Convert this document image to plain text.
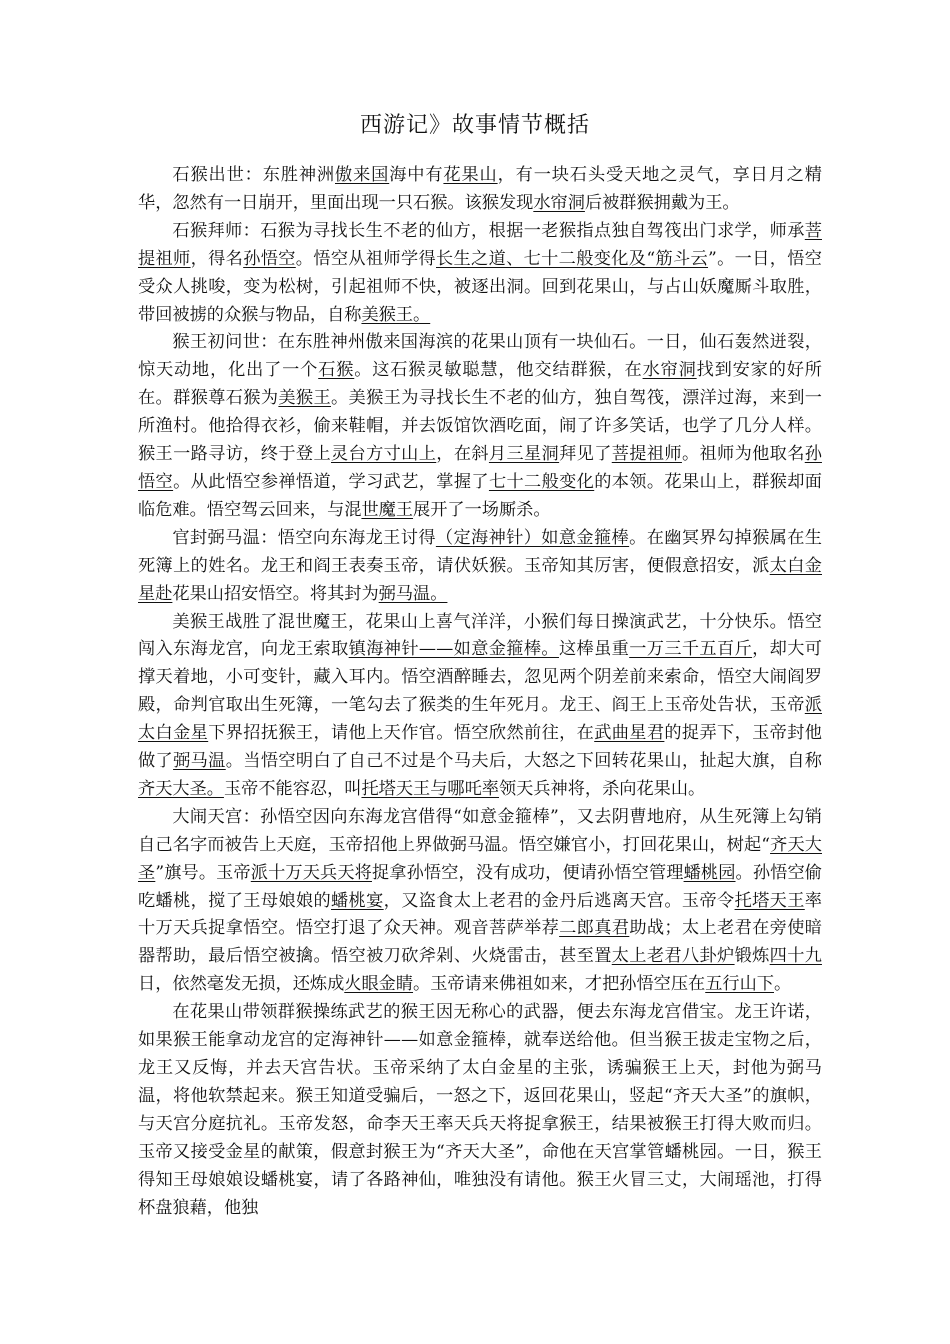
西游记》故事情节概括

石猴出世：东胜神洲傲来国海中有花果山，有一块石头受天地之灵气，享日月之精华，忽然有一日崩开，里面出现一只石猴。该猴发现水帘洞后被群猴拥戴为王。

石猴拜师：石猴为寻找长生不老的仙方，根据一老猴指点独自驾筏出门求学，师承菩提祖师，得名孙悟空。悟空从祖师学得长生之道、七十二般变化及“筋斗云”。一日，悟空受众人挑唆，变为松树，引起祖师不快，被逐出洞。回到花果山，与占山妖魔厮斗取胜，带回被掳的众猴与物品，自称美猴王。

猴王初问世：在东胜神州傲来国海滨的花果山顶有一块仙石。一日，仙石轰然迸裂，惊天动地，化出了一个石猴。这石猴灵敏聪慧，他交结群猴，在水帘洞找到安家的好所在。群猴尊石猴为美猴王。美猴王为寻找长生不老的仙方，独自驾筏，漂洋过海，来到一所渔村。他拾得衣衫，偷来鞋帽，并去饭馆饮酒吃面，闹了许多笑话，也学了几分人样。猴王一路寻访，终于登上灵台方寸山上，在斜月三星洞拜见了菩提祖师。祖师为他取名孙悟空。从此悟空参禅悟道，学习武艺，掌握了七十二般变化的本领。花果山上，群猴却面临危难。悟空驾云回来，与混世魔王展开了一场厮杀。

官封弼马温：悟空向东海龙王讨得（定海神针）如意金箍棒。在幽冥界勾掉猴属在生死簿上的姓名。龙王和阎王表奏玉帝，请伏妖猴。玉帝知其厉害，便假意招安，派太白金星赴花果山招安悟空。将其封为弼马温。

美猴王战胜了混世魔王，花果山上喜气洋洋，小猴们每日操演武艺，十分快乐。悟空闯入东海龙宫，向龙王索取镇海神针——如意金箍棒。这棒虽重一万三千五百斤，却大可撑天着地，小可变针，藏入耳内。悟空酒醉睡去，忽见两个阴差前来索命，悟空大闹阎罗殿，命判官取出生死簿，一笔勾去了猴类的生年死月。龙王、阎王上玉帝处告状，玉帝派太白金星下界招抚猴王，请他上天作官。悟空欣然前往，在武曲星君的捉弄下，玉帝封他做了弼马温。当悟空明白了自己不过是个马夫后，大怒之下回转花果山，扯起大旗，自称齐天大圣。玉帝不能容忍，叫托塔天王与哪吒率领天兵神将，杀向花果山。

大闹天宫：孙悟空因向东海龙宫借得“如意金箍棒”，又去阴曹地府，从生死簿上勾销自己名字而被告上天庭，玉帝招他上界做弼马温。悟空嫌官小，打回花果山，树起“齐天大圣”旗号。玉帝派十万天兵天将捉拿孙悟空，没有成功，便请孙悟空管理蟠桃园。孙悟空偷吃蟠桃，搅了王母娘娘的蟠桃宴，又盗食太上老君的金丹后逃离天宫。玉帝令托塔天王率十万天兵捉拿悟空。悟空打退了众天神。观音菩萨举荐二郎真君助战；太上老君在旁使暗器帮助，最后悟空被擒。悟空被刀砍斧剁、火烧雷击，甚至置太上老君八卦炉锻炼四十九日，依然毫发无损，还炼成火眼金睛。玉帝请来佛祖如来，才把孙悟空压在五行山下。

在花果山带领群猴操练武艺的猴王因无称心的武器，便去东海龙宫借宝。龙王许诺，如果猴王能拿动龙宫的定海神针——如意金箍棒，就奉送给他。但当猴王拔走宝物之后，龙王又反悔，并去天宫告状。玉帝采纳了太白金星的主张，诱骗猴王上天，封他为弼马温，将他软禁起来。猴王知道受骗后，一怒之下，返回花果山，竖起“齐天大圣”的旗帜，与天宫分庭抗礼。玉帝发怒，命李天王率天兵天将捉拿猴王，结果被猴王打得大败而归。玉帝又接受金星的献策，假意封猴王为“齐天大圣”，命他在天宫掌管蟠桃园。一日，猴王得知王母娘娘设蟠桃宴，请了各路神仙，唯独没有请他。猴王火冒三丈，大闹瑶池，打得杯盘狼藉，他独
